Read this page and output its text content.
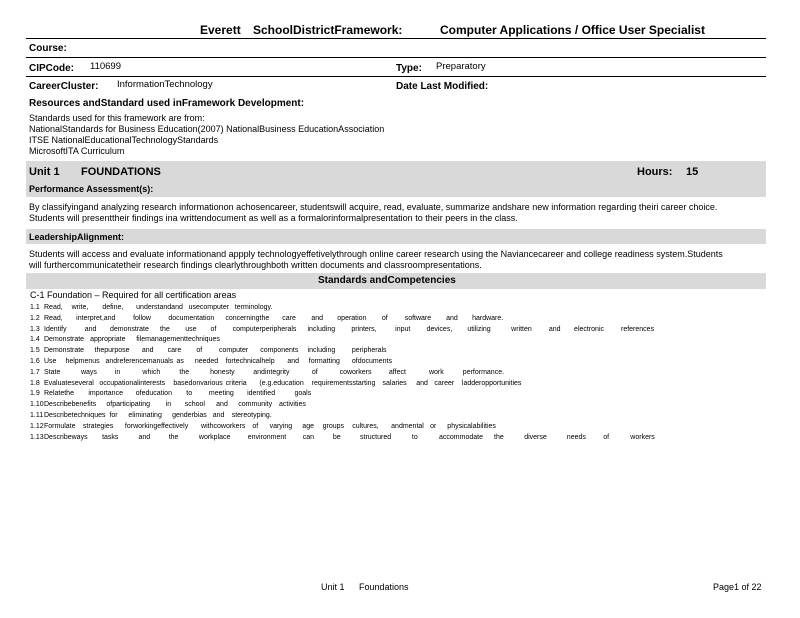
Everett SchoolDistrictFramework:	Computer Applications / Office User Specialist
Course:
CIPCode: 110699	Type: Preparatory
CareerCluster: InformationTechnology	Date Last Modified:
Resources andStandard used inFramework Development:
Standards used for this framework are from:
NationalStandards for Business Education(2007) NationalBusiness EducationAssociation
ITSE NationalEducationalTechnologyStandards
MicrosoftITA Curriculum
Unit 1 FOUNDATIONS	Hours: 15
Performance Assessment(s):
By classifyingand analyzing research informationon achosencareer, studentswill acquire, read, evaluate, summarize andshare new information regarding theiri career choice.
Students will presenttheir findings ina writtendocument as well as a formalorinformalpresentation to their peers in the class.
LeadershipAlignment:
Students will access and evaluate informationand appply technologyeffetivelythrough online career research using the Naviancecareer and college readiness system.Students
will furthercommunicatetheir research findings clearlythroughboth written documents and classroompresentations.
Standards andCompetencies
C-1 Foundation – Required for all certification areas
1.1 Read, write, define, understandand usecomputer terminology.
1.2 Read, interpret,and	follow documentation concerningthe care and operation of software and hardware.
1.3 Identify	and demonstrate the use of computerperipherals including printers,	input devices, utilizing	written and electronic references
1.4 Demonstrate appropriate filemanagementtechniques
1.5 Demonstrate thepurpose and care of computer components including peripherals
1.6 Use helpmenus andreferencemanuals as needed fortechnicalhelp and formatting ofdocuments
1.7 State	ways	in	which	the	honesty	andintegrity	of	coworkers affect	work	performance.
1.8 Evaluateseveral occupationalinterests basedonvarious criteria (e.g.education requirementsstarting salaries and career ladderopportunities
1.9 Relatethe importance ofeducation to meeting identified	goals
1.10 Describebenefits ofparticipating in school and community activities
1.11 Describetechniques for eliminating genderbias and stereotyping.
1.12 Formulate strategies forworkingeffectively withcoworkers of varying age groups cultures, andmental or physicalabilities
1.13 Describeways tasks	and	the	workplace environment can	be	structured	to	accommodate the	diverse	needs of	workers
Unit 1 Foundations	Page1 of 22
